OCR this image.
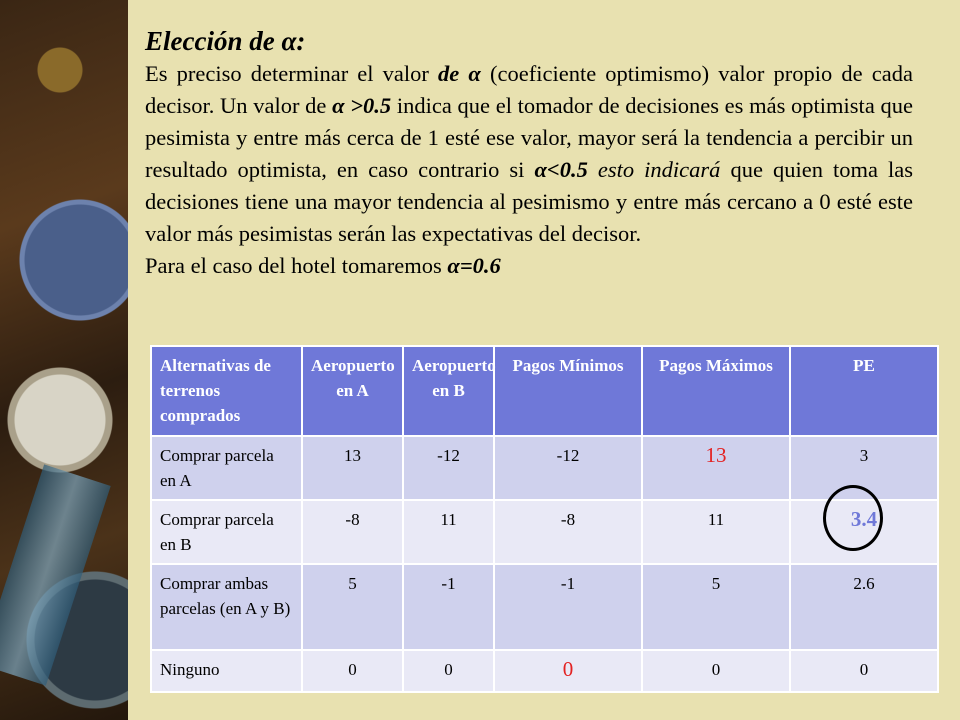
Elección de α:
Es preciso determinar el valor de α (coeficiente optimismo) valor propio de cada decisor. Un valor de α >0.5 indica que el tomador de decisiones es más optimista que pesimista y entre más cerca de 1 esté ese valor, mayor será la tendencia a percibir un resultado optimista, en caso contrario si α<0.5 esto indicará que quien toma las decisiones tiene una mayor tendencia al pesimismo y entre más cercano a 0 esté este valor más pesimistas serán las expectativas del decisor.
Para el caso del hotel tomaremos α=0.6
Alternativas de terrenos comprados	Aeropuerto en A	Aeropuerto en B	Pagos Mínimos	Pagos Máximos	PE
Comprar parcela en A	13	-12	-12	13	3
Comprar parcela en B	-8	11	-8	11	3.4
Comprar ambas parcelas (en A y B)	5	-1	-1	5	2.6
Ninguno	0	0	0	0	0
